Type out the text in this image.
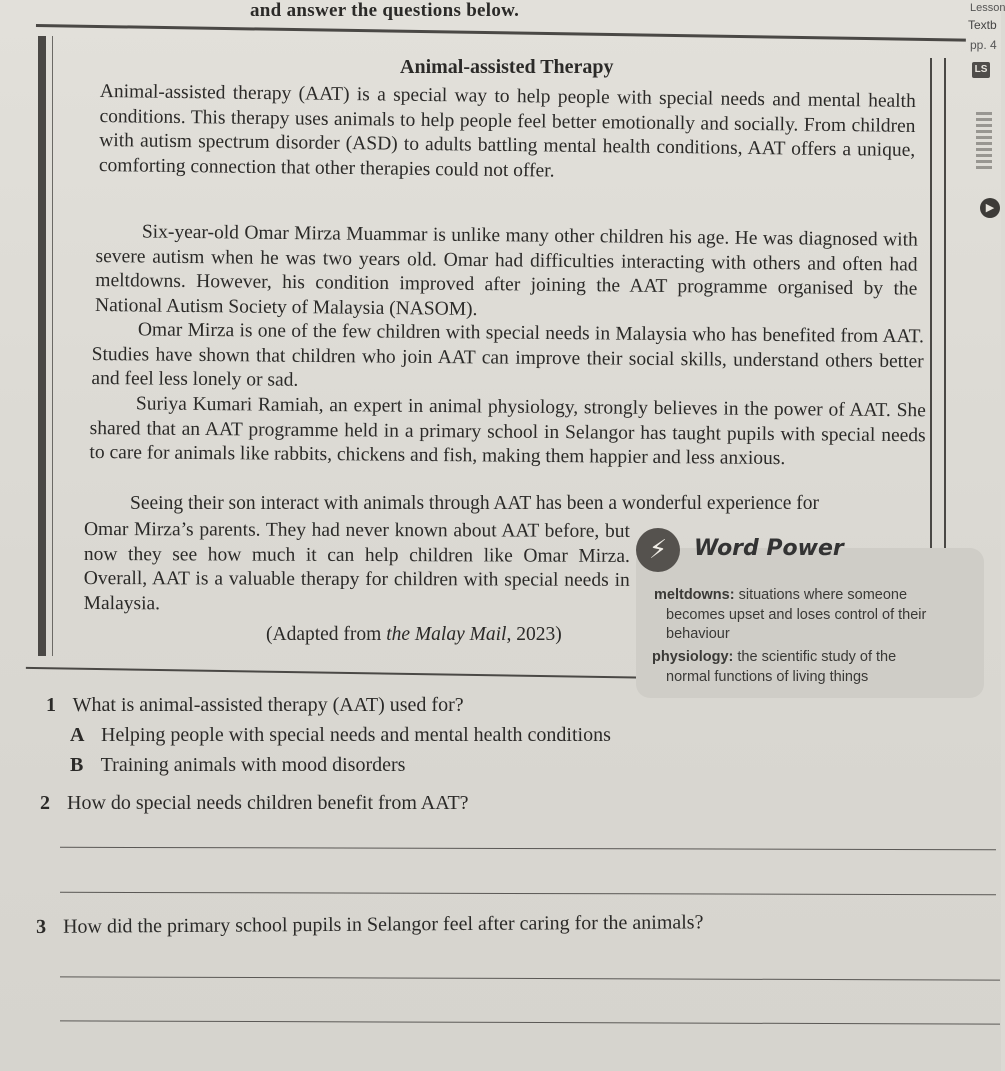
and answer the questions below.	Lesson
Textb
pp. 4
LS
▶
Animal-assisted Therapy
Animal-assisted therapy (AAT) is a special way to help people with special needs and mental health conditions. This therapy uses animals to help people feel better emotionally and socially. From children with autism spectrum disorder (ASD) to adults battling mental health conditions, AAT offers a unique, comforting connection that other therapies could not offer.
Six-year-old Omar Mirza Muammar is unlike many other children his age. He was diagnosed with severe autism when he was two years old. Omar had difficulties interacting with others and often had meltdowns. However, his condition improved after joining the AAT programme organised by the National Autism Society of Malaysia (NASOM).
Omar Mirza is one of the few children with special needs in Malaysia who has benefited from AAT. Studies have shown that children who join AAT can improve their social skills, understand others better and feel less lonely or sad.
Suriya Kumari Ramiah, an expert in animal physiology, strongly believes in the power of AAT. She shared that an AAT programme held in a primary school in Selangor has taught pupils with special needs to care for animals like rabbits, chickens and fish, making them happier and less anxious.
Seeing their son interact with animals through AAT has been a wonderful experience for
Omar Mirza’s parents. They had never known about AAT before, but now they see how much it can help children like Omar Mirza. Overall, AAT is a valuable therapy for children with special needs in Malaysia.
(Adapted from the Malay Mail, 2023)
⚡	Word Power
meltdowns: situations where someone
becomes upset and loses control of their behaviour
physiology: the scientific study of the
normal functions of living things
1 What is animal-assisted therapy (AAT) used for?
A Helping people with special needs and mental health conditions
B Training animals with mood disorders
2 How do special needs children benefit from AAT?
3 How did the primary school pupils in Selangor feel after caring for the animals?
